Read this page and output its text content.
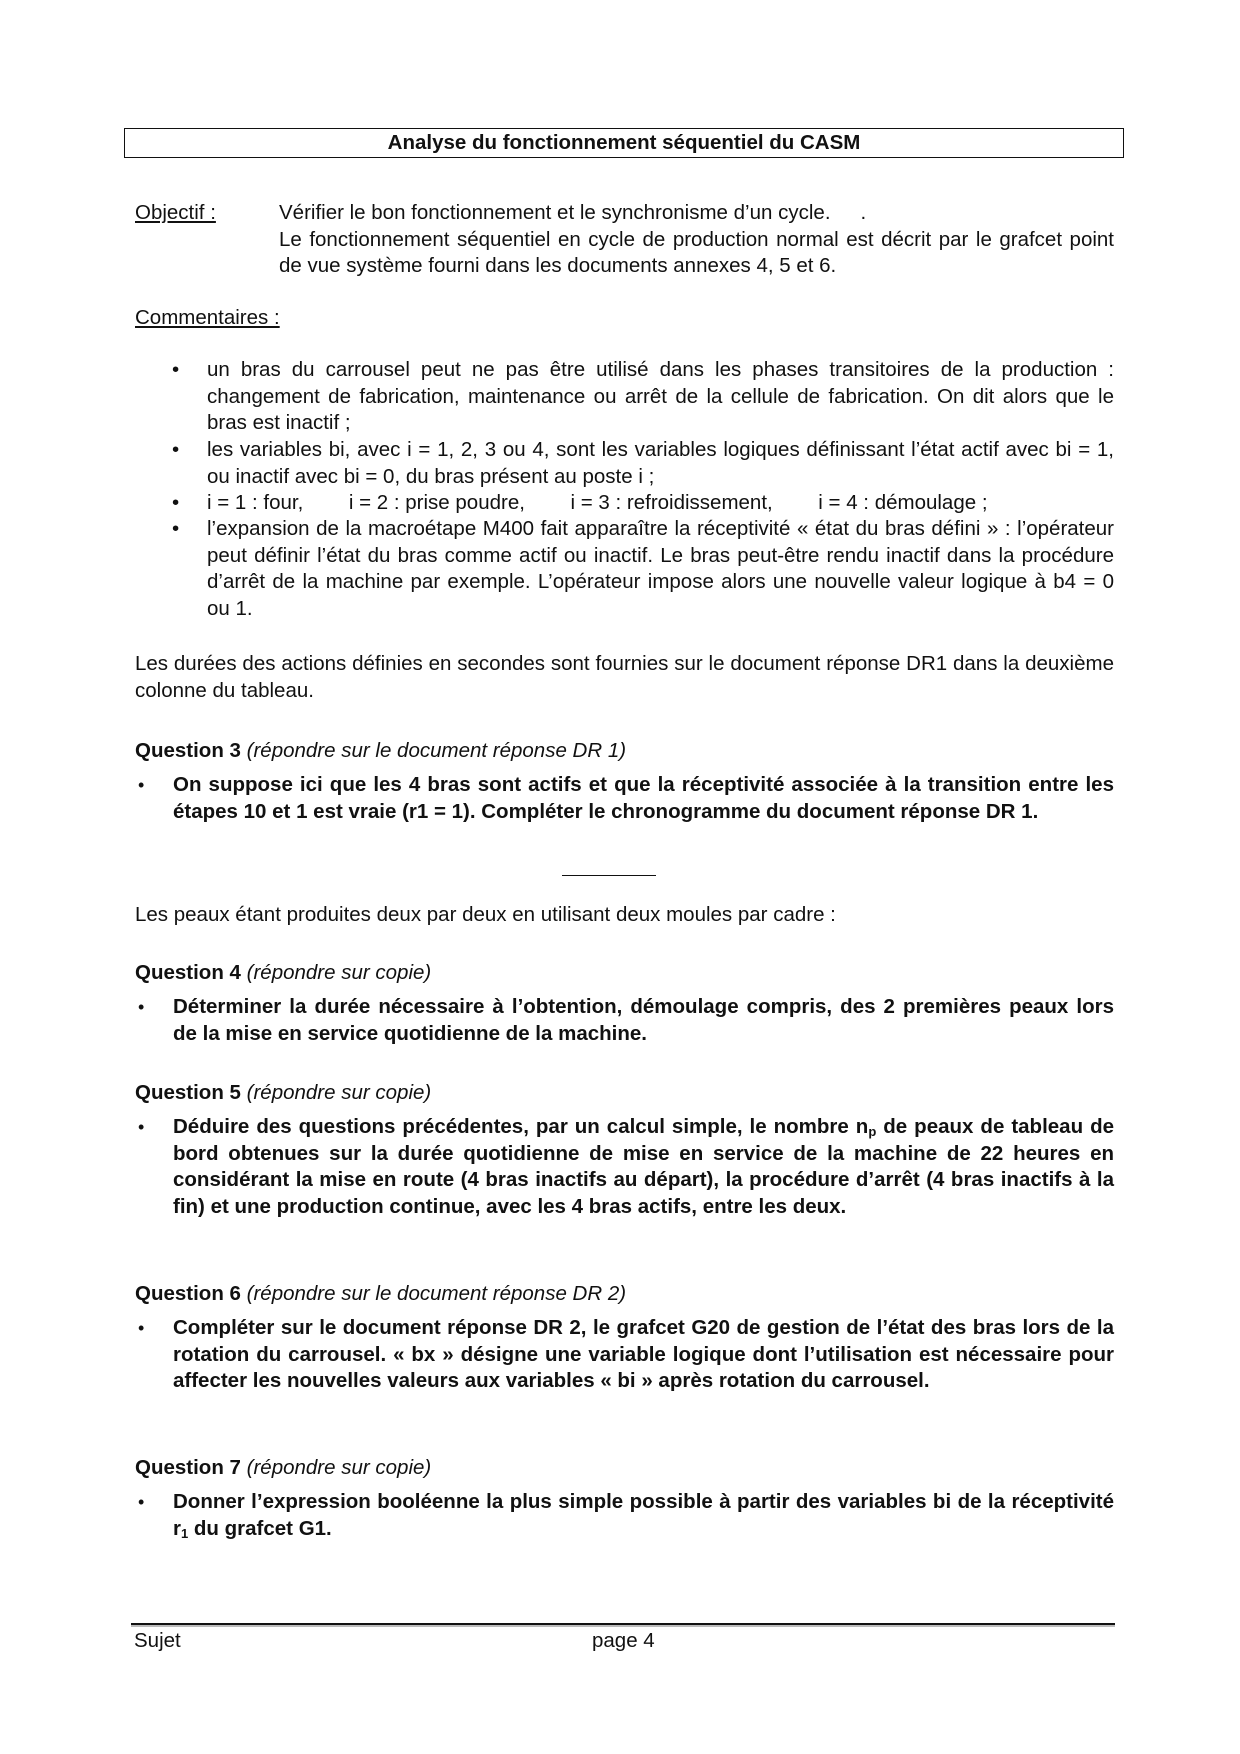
Analyse du fonctionnement séquentiel du CASM
Objectif :	Vérifier le bon fonctionnement et le synchronisme d’un cycle. .
Le fonctionnement séquentiel en cycle de production normal est décrit par le grafcet point de vue système fourni dans les documents annexes 4, 5 et 6.
Commentaires :
• un bras du carrousel peut ne pas être utilisé dans les phases transitoires de la production : changement de fabrication, maintenance ou arrêt de la cellule de fabrication. On dit alors que le bras est inactif ;
• les variables bi, avec i = 1, 2, 3 ou 4, sont les variables logiques définissant l’état actif avec bi = 1, ou inactif avec bi = 0, du bras présent au poste i ;
• i = 1 : four,        i = 2 : prise poudre,        i = 3 : refroidissement,        i = 4 : démoulage ;
• l’expansion de la macroétape M400 fait apparaître la réceptivité « état du bras défini » : l’opérateur peut définir l’état du bras comme actif ou inactif. Le bras peut-être rendu inactif dans la procédure d’arrêt de la machine par exemple. L’opérateur impose alors une nouvelle valeur logique à b4 = 0 ou 1.
Les durées des actions définies en secondes sont fournies sur le document réponse DR1 dans la deuxième colonne du tableau.
Question 3 (répondre sur le document réponse DR 1)
• On suppose ici que les 4 bras sont actifs et que la réceptivité associée à la transition entre les étapes 10 et 1 est vraie (r1 = 1). Compléter le chronogramme du document réponse DR 1.
Les peaux étant produites deux par deux en utilisant deux moules par cadre :
Question 4 (répondre sur copie)
• Déterminer la durée nécessaire à l’obtention, démoulage compris, des 2 premières peaux lors de la mise en service quotidienne de la machine.
Question 5 (répondre sur copie)
• Déduire des questions précédentes, par un calcul simple, le nombre $n_p$ de peaux de tableau de bord obtenues sur la durée quotidienne de mise en service de la machine de 22 heures en considérant la mise en route (4 bras inactifs au départ), la procédure d’arrêt (4 bras inactifs à la fin) et une production continue, avec les 4 bras actifs, entre les deux.
Question 6 (répondre sur le document réponse DR 2)
• Compléter sur le document réponse DR 2, le grafcet G20 de gestion de l’état des bras lors de la rotation du carrousel. « bx » désigne une variable logique dont l’utilisation est nécessaire pour affecter les nouvelles valeurs aux variables « bi » après rotation du carrousel.
Question 7 (répondre sur copie)
• Donner l’expression booléenne la plus simple possible à partir des variables bi de la réceptivité $r_1$ du grafcet G1.
Sujet	page 4
